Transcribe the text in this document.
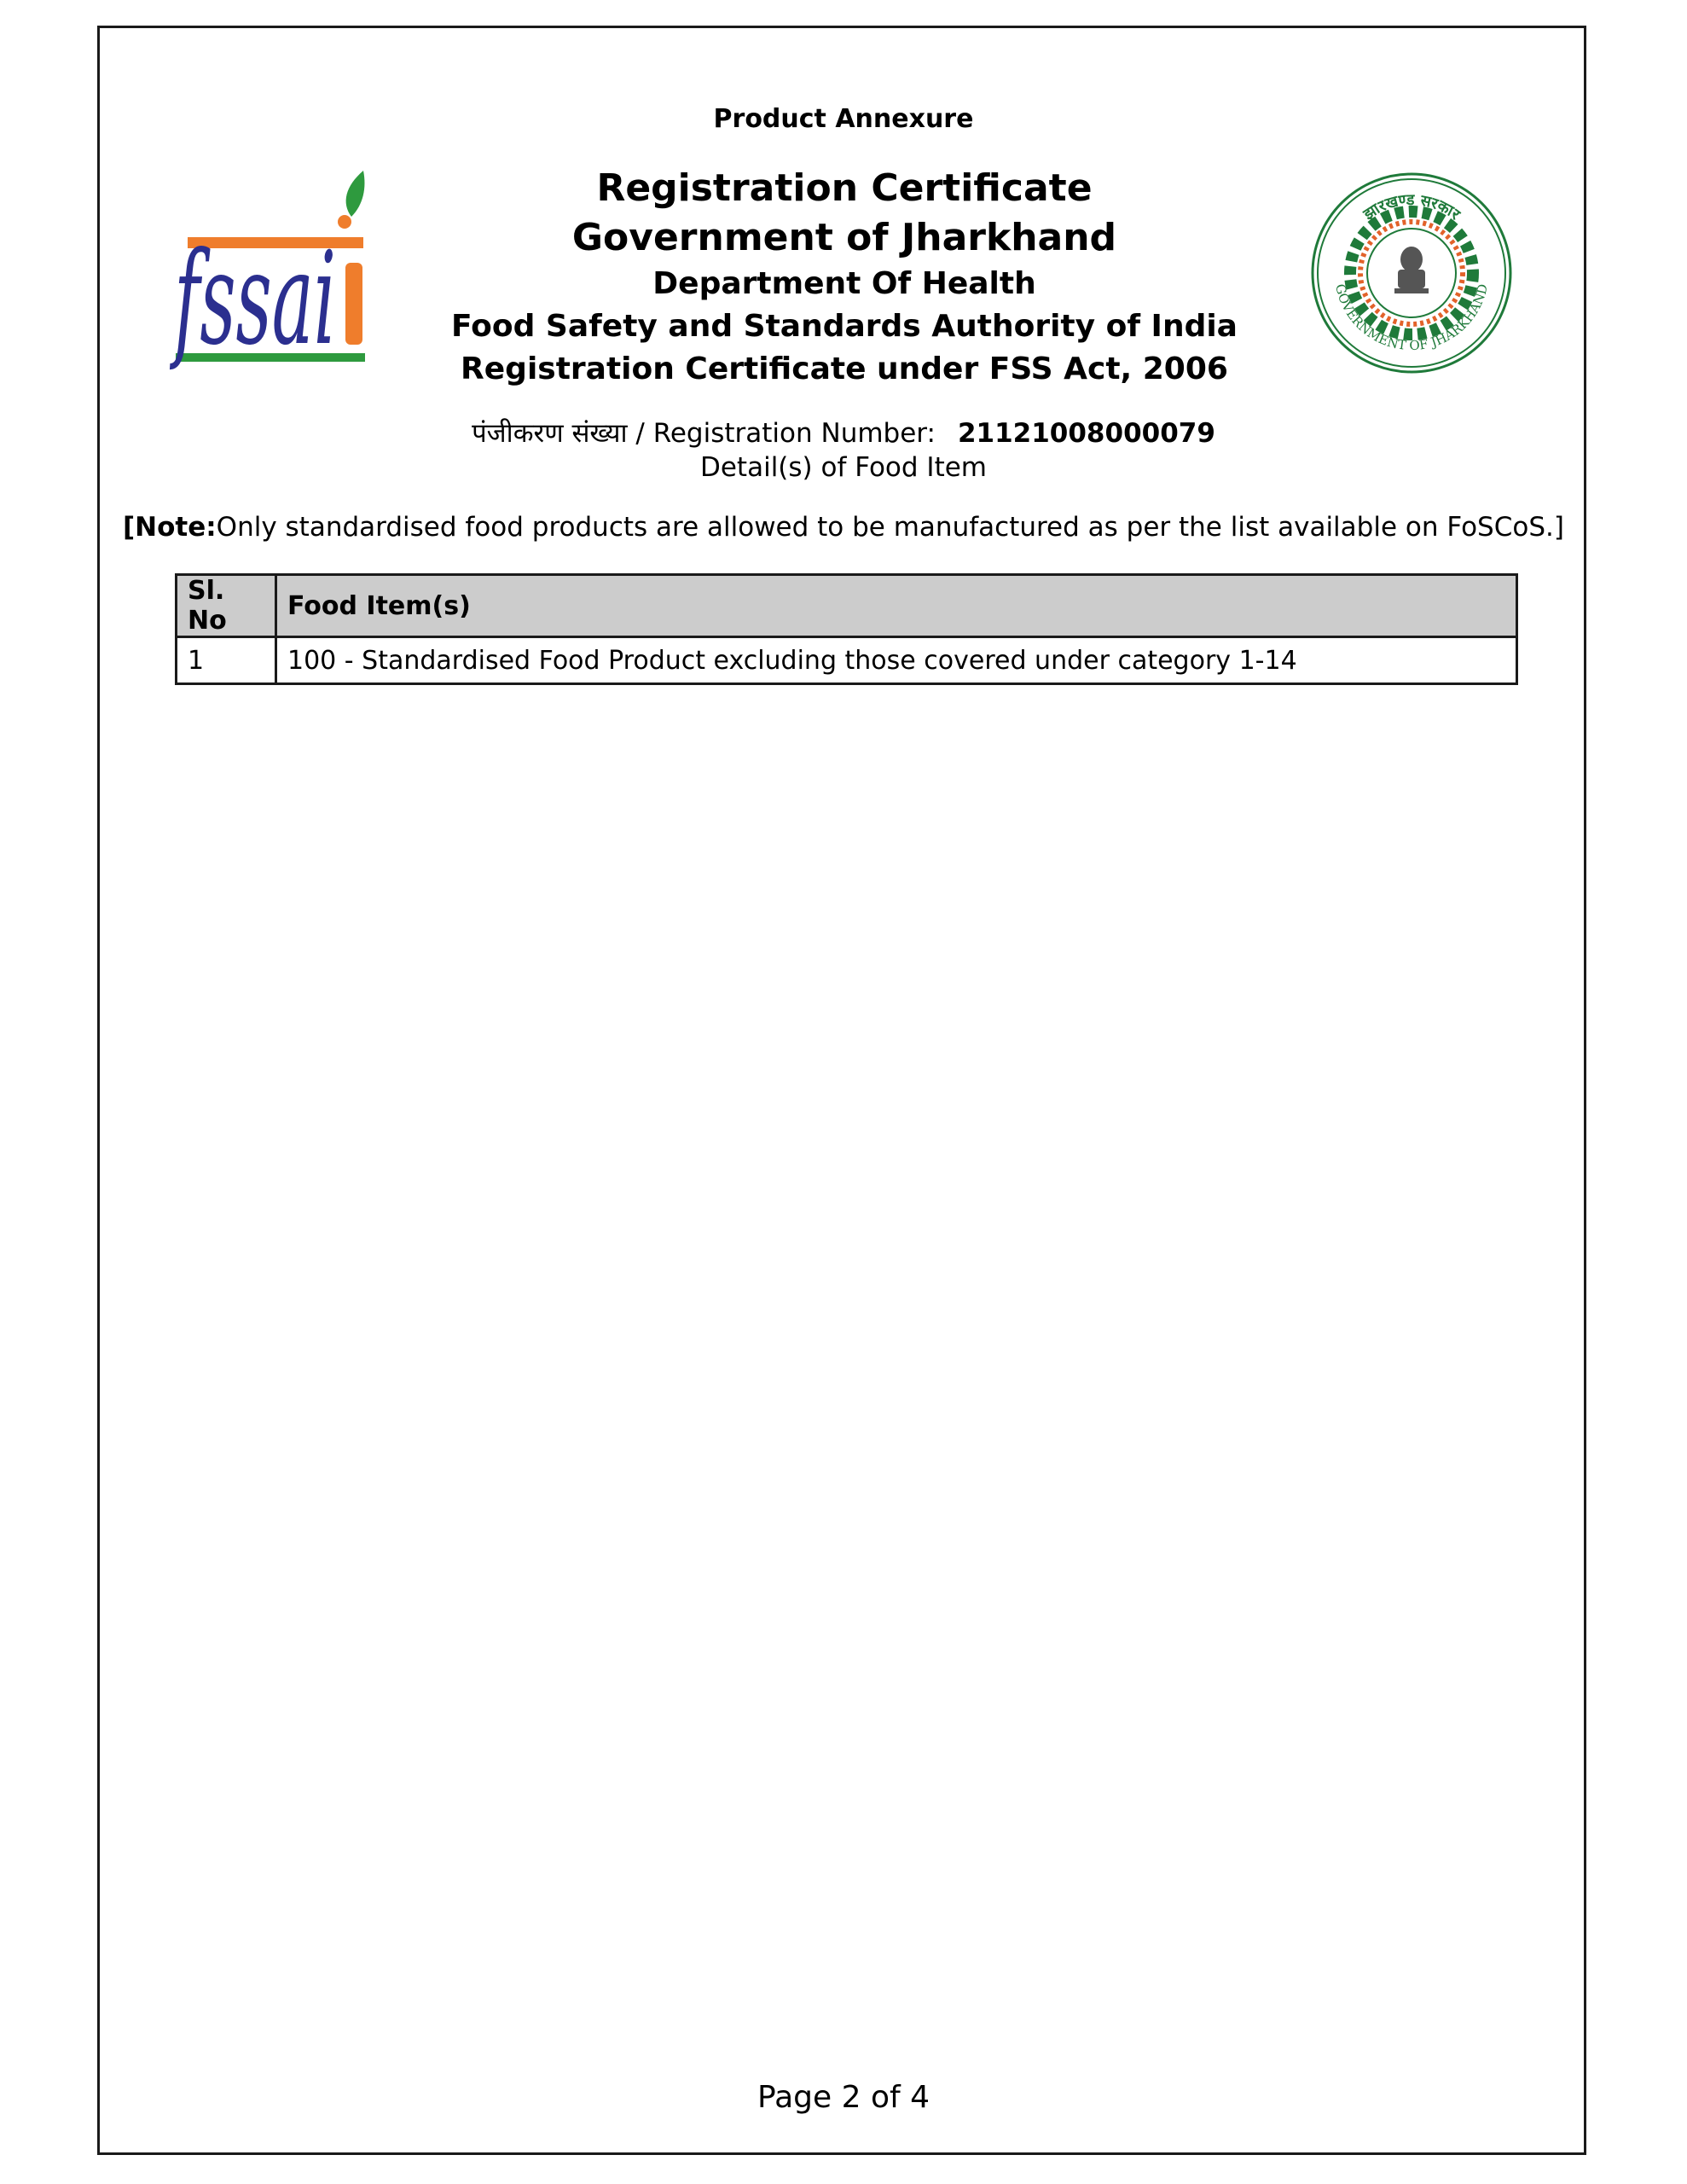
Product Annexure
fssai
झारखण्ड सरकार
GOVERNMENT OF JHARKHAND
Registration Certificate
Government of Jharkhand
Department Of Health
Food Safety and Standards Authority of India
Registration Certificate under FSS Act, 2006
पंजीकरण संख्या / Registration Number: 21121008000079
Detail(s) of Food Item
[Note:Only standardised food products are allowed to be manufactured as per the list available on FoSCoS.]
Sl. No	Food Item(s)
1	100 - Standardised Food Product excluding those covered under category 1-14
Page 2 of 4
